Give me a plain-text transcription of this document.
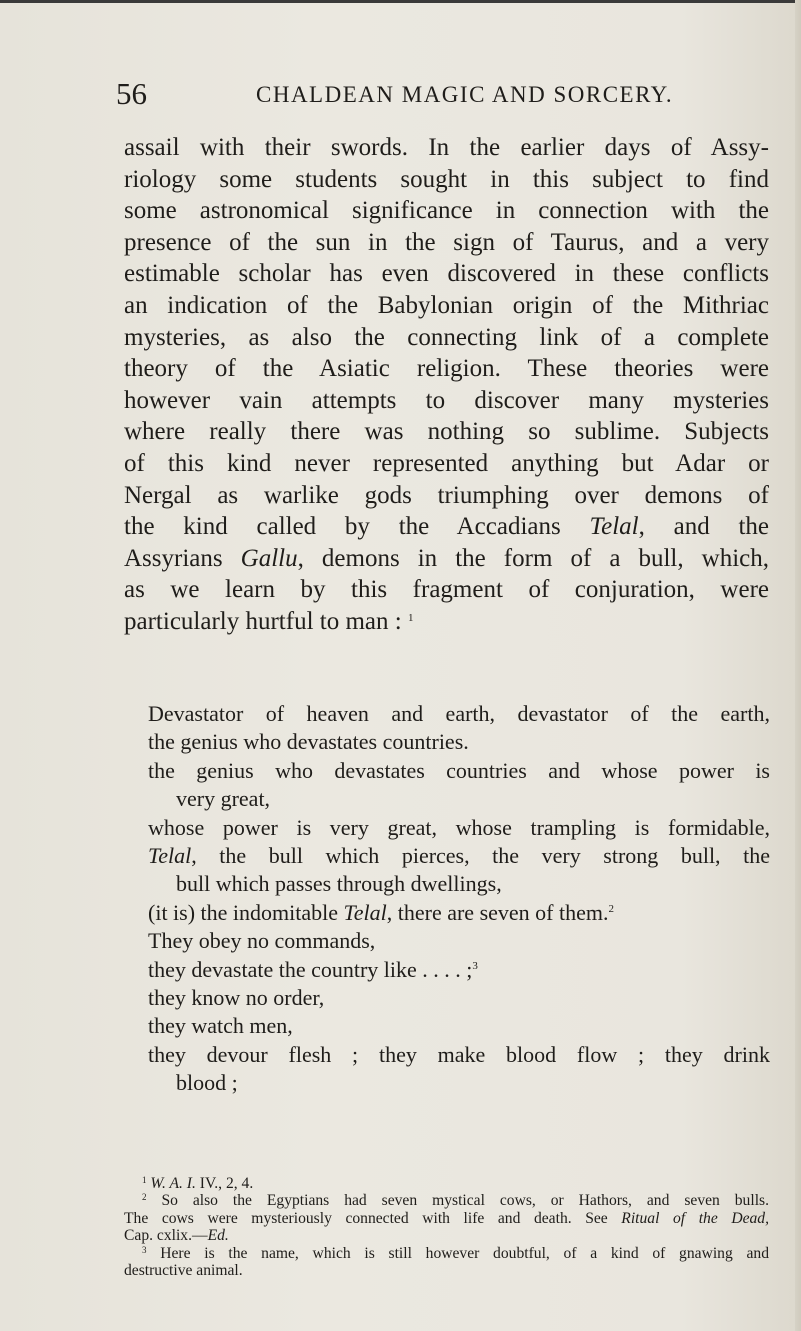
56	CHALDEAN MAGIC AND SORCERY.
assail with their swords. In the earlier days of Assy-
riology some students sought in this subject to find
some astronomical significance in connection with the
presence of the sun in the sign of Taurus, and a very
estimable scholar has even discovered in these conflicts
an indication of the Babylonian origin of the Mithriac
mysteries, as also the connecting link of a complete
theory of the Asiatic religion. These theories were
however vain attempts to discover many mysteries
where really there was nothing so sublime. Subjects
of this kind never represented anything but Adar or
Nergal as warlike gods triumphing over demons of
the kind called by the Accadians Telal, and the
Assyrians Gallu, demons in the form of a bull, which,
as we learn by this fragment of conjuration, were
particularly hurtful to man : $^1$
Devastator of heaven and earth, devastator of the earth,
the genius who devastates countries.
the genius who devastates countries and whose power is
very great,
whose power is very great, whose trampling is formidable,
Telal, the bull which pierces, the very strong bull, the
bull which passes through dwellings,
(it is) the indomitable Telal, there are seven of them.$^2$
They obey no commands,
they devastate the country like . . . . ;$^3$
they know no order,
they watch men,
they devour flesh ; they make blood flow ; they drink
blood ;
$^1$ W. A. I. IV., 2, 4.
$^2$ So also the Egyptians had seven mystical cows, or Hathors, and seven bulls.
The cows were mysteriously connected with life and death. See Ritual of the Dead,
Cap. cxlix.—Ed.
$^3$ Here is the name, which is still however doubtful, of a kind of gnawing and
destructive animal.
